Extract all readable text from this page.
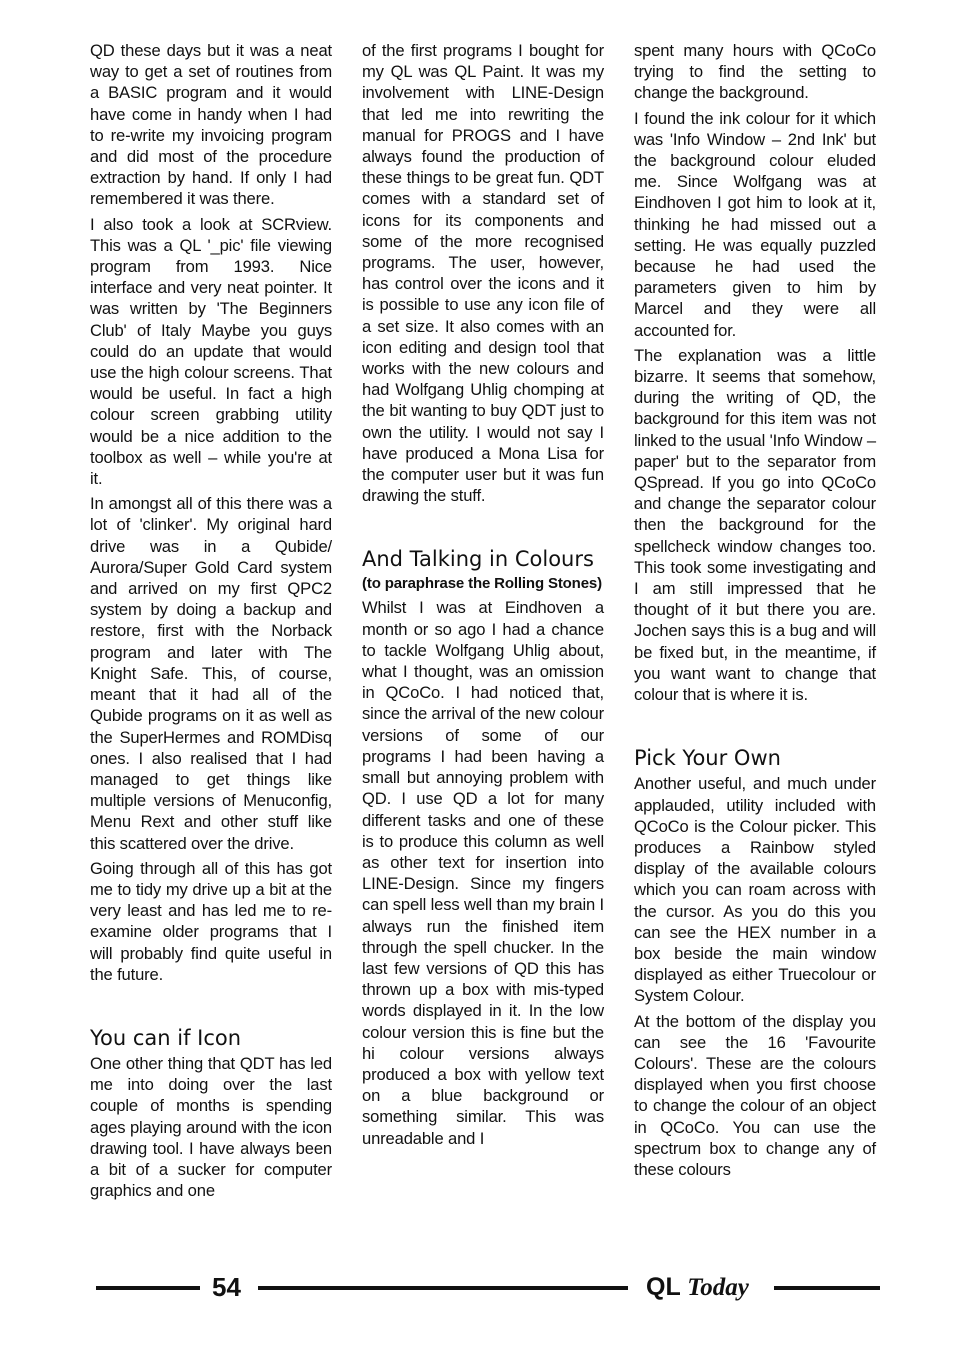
QD these days but it was a neat way to get a set of routines from a BASIC program and it would have come in handy when I had to re-write my invoicing program and did most of the procedure extraction by hand. If only I had remembered it was there.

I also took a look at SCRview. This was a QL '_pic' file viewing program from 1993. Nice interface and very neat pointer. It was written by 'The Beginners Club' of Italy Maybe you guys could do an update that would use the high colour screens. That would be useful. In fact a high colour screen grabbing utility would be a nice addition to the toolbox as well – while you're at it.

In amongst all of this there was a lot of 'clinker'. My original hard drive was in a Qubide/ Aurora/Super Gold Card system and arrived on my first QPC2 system by doing a backup and restore, first with the Norback program and later with The Knight Safe. This, of course, meant that it had all of the Qubide programs on it as well as the SuperHermes and ROMDisq ones. I also realised that I had managed to get things like multiple versions of Menuconfig, Menu Rext and other stuff like this scattered over the drive.

Going through all of this has got me to tidy my drive up a bit at the very least and has led me to re-examine older programs that I will probably find quite useful in the future.

You can if Icon

One other thing that QDT has led me into doing over the last couple of months is spending ages playing around with the icon drawing tool. I have always been a bit of a sucker for computer graphics and one

of the first programs I bought for my QL was QL Paint. It was my involvement with LINE-Design that led me into rewriting the manual for PROGS and I have always found the production of these things to be great fun. QDT comes with a standard set of icons for its components and some of the more recognised programs. The user, however, has control over the icons and it is possible to use any icon file of a set size. It also comes with an icon editing and design tool that works with the new colours and had Wolfgang Uhlig chomping at the bit wanting to buy QDT just to own the utility. I would not say I have produced a Mona Lisa for the computer user but it was fun drawing the stuff.

And Talking in Colours
(to paraphrase the Rolling Stones)

Whilst I was at Eindhoven a month or so ago I had a chance to tackle Wolfgang Uhlig about, what I thought, was an omission in QCoCo. I had noticed that, since the arrival of the new colour versions of some of our programs I had been having a small but annoying problem with QD. I use QD a lot for many different tasks and one of these is to produce this column as well as other text for insertion into LINE-Design. Since my fingers can spell less well than my brain I always run the finished item through the spell chucker. In the last few versions of QD this has thrown up a box with mis-typed words displayed in it. In the low colour version this is fine but the hi colour versions always produced a box with yellow text on a blue background or something similar. This was unreadable and I

spent many hours with QCoCo trying to find the setting to change the background.

I found the ink colour for it which was 'Info Window – 2nd Ink' but the background colour eluded me. Since Wolfgang was at Eindhoven I got him to look at it, thinking he had missed out a setting. He was equally puzzled because he had used the parameters given to him by Marcel and they were all accounted for.

The explanation was a little bizarre. It seems that somehow, during the writing of QD, the background for this item was not linked to the usual 'Info Window – paper' but to the separator from QSpread. If you go into QCoCo and change the separator colour then the background for the spellcheck window changes too. This took some investigating and I am still impressed that he thought of it but there you are. Jochen says this is a bug and will be fixed but, in the meantime, if you want want to change that colour that is where it is.

Pick Your Own

Another useful, and much under applauded, utility included with QCoCo is the Colour picker. This produces a Rainbow styled display of the available colours which you can roam across with the cursor. As you do this you can see the HEX number in a box beside the main window displayed as either Truecolour or System Colour.

At the bottom of the display you can see the 16 'Favourite Colours'. These are the colours displayed when you first choose to change the colour of an object in QCoCo. You can use the spectrum box to change any of these colours

54	QL Today
